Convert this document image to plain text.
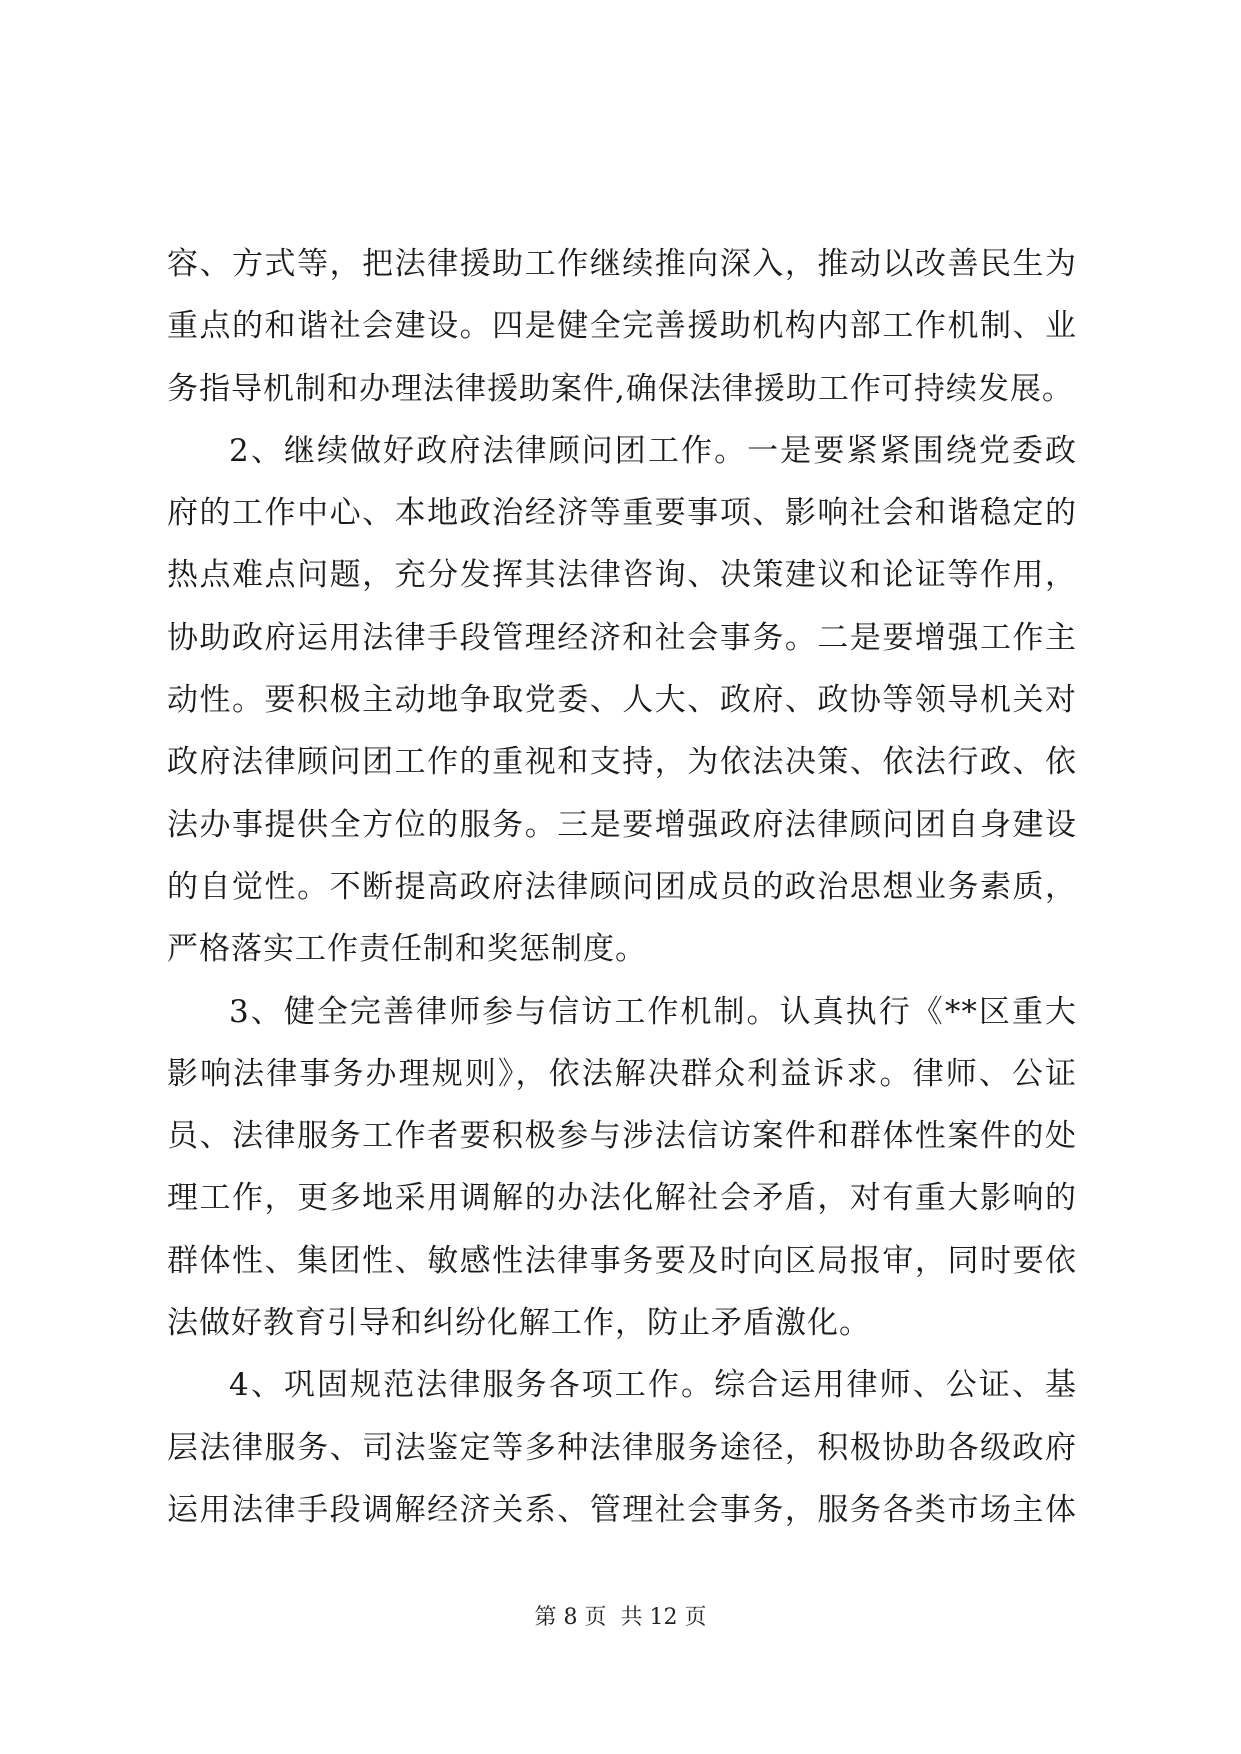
容、方式等，把法律援助工作继续推向深入，推动以改善民生为
重点的和谐社会建设。四是健全完善援助机构内部工作机制、业
务指导机制和办理法律援助案件,确保法律援助工作可持续发展。
2、继续做好政府法律顾问团工作。一是要紧紧围绕党委政
府的工作中心、本地政治经济等重要事项、影响社会和谐稳定的
热点难点问题，充分发挥其法律咨询、决策建议和论证等作用，
协助政府运用法律手段管理经济和社会事务。二是要增强工作主
动性。要积极主动地争取党委、人大、政府、政协等领导机关对
政府法律顾问团工作的重视和支持，为依法决策、依法行政、依
法办事提供全方位的服务。三是要增强政府法律顾问团自身建设
的自觉性。不断提高政府法律顾问团成员的政治思想业务素质，
严格落实工作责任制和奖惩制度。
3、健全完善律师参与信访工作机制。认真执行《**区重大
影响法律事务办理规则》，依法解决群众利益诉求。律师、公证
员、法律服务工作者要积极参与涉法信访案件和群体性案件的处
理工作，更多地采用调解的办法化解社会矛盾，对有重大影响的
群体性、集团性、敏感性法律事务要及时向区局报审，同时要依
法做好教育引导和纠纷化解工作，防止矛盾激化。
4、巩固规范法律服务各项工作。综合运用律师、公证、基
层法律服务、司法鉴定等多种法律服务途径，积极协助各级政府
运用法律手段调解经济关系、管理社会事务，服务各类市场主体
第 8 页  共 12 页
